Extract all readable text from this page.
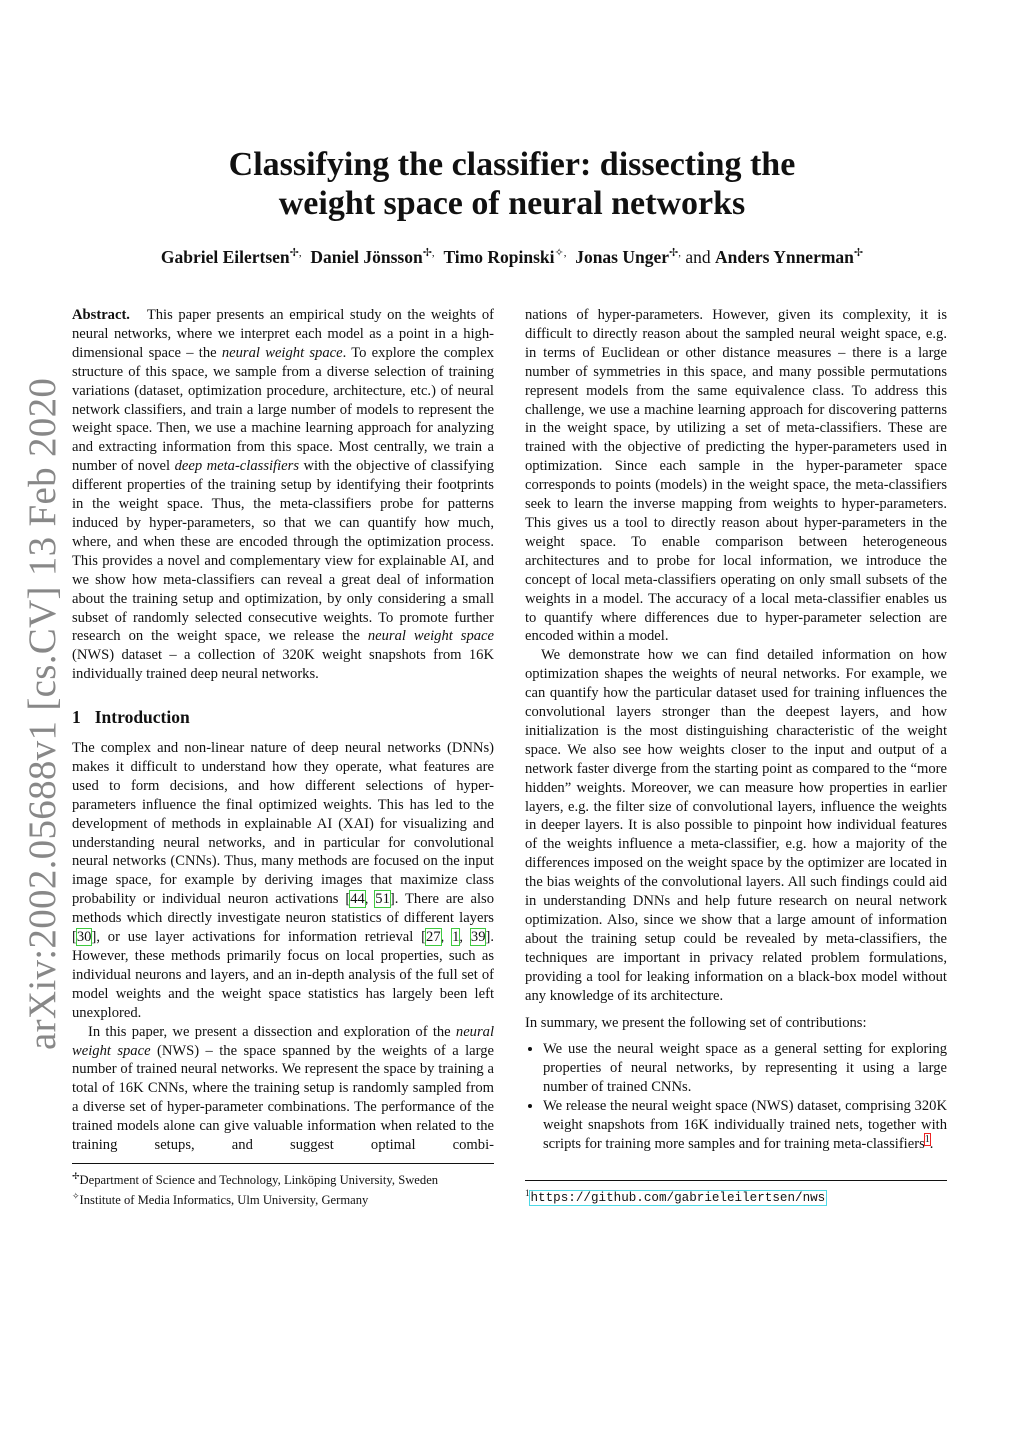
arXiv:2002.05688v1 [cs.CV] 13 Feb 2020
Classifying the classifier: dissecting the
weight space of neural networks
Gabriel Eilertsen✢, Daniel Jönsson✢, Timo Ropinski✧, Jonas Unger✢, and Anders Ynnerman✢

Abstract. This paper presents an empirical study on the weights of neural networks, where we interpret each model as a point in a high-dimensional space – the neural weight space. To explore the complex structure of this space, we sample from a diverse selection of training variations (dataset, optimization procedure, architecture, etc.) of neural network classifiers, and train a large number of models to represent the weight space. Then, we use a machine learning approach for analyzing and extracting information from this space. Most centrally, we train a number of novel deep meta-classifiers with the objective of classifying different properties of the training setup by identifying their footprints in the weight space. Thus, the meta-classifiers probe for patterns induced by hyper-parameters, so that we can quantify how much, where, and when these are encoded through the optimization process. This provides a novel and complementary view for explainable AI, and we show how meta-classifiers can reveal a great deal of information about the training setup and optimization, by only considering a small subset of randomly selected consecutive weights. To promote further research on the weight space, we release the neural weight space (NWS) dataset – a collection of 320K weight snapshots from 16K individually trained deep neural networks.

1 Introduction

The complex and non-linear nature of deep neural networks (DNNs) makes it difficult to understand how they operate, what features are used to form decisions, and how different selections of hyper-parameters influence the final optimized weights. This has led to the development of methods in explainable AI (XAI) for visualizing and understanding neural networks, and in particular for convolutional neural networks (CNNs). Thus, many methods are focused on the input image space, for example by deriving images that maximize class probability or individual neuron activations [44, 51]. There are also methods which directly investigate neuron statistics of different layers [30], or use layer activations for information retrieval [27, 1, 39]. However, these methods primarily focus on local properties, such as individual neurons and layers, and an in-depth analysis of the full set of model weights and the weight space statistics has largely been left unexplored.

In this paper, we present a dissection and exploration of the neural weight space (NWS) – the space spanned by the weights of a large number of trained neural networks. We represent the space by training a total of 16K CNNs, where the training setup is randomly sampled from a diverse set of hyper-parameter combinations. The performance of the trained models alone can give valuable information when related to the training setups, and suggest optimal combi-

nations of hyper-parameters. However, given its complexity, it is difficult to directly reason about the sampled neural weight space, e.g. in terms of Euclidean or other distance measures – there is a large number of symmetries in this space, and many possible permutations represent models from the same equivalence class. To address this challenge, we use a machine learning approach for discovering patterns in the weight space, by utilizing a set of meta-classifiers. These are trained with the objective of predicting the hyper-parameters used in optimization. Since each sample in the hyper-parameter space corresponds to points (models) in the weight space, the meta-classifiers seek to learn the inverse mapping from weights to hyper-parameters. This gives us a tool to directly reason about hyper-parameters in the weight space. To enable comparison between heterogeneous architectures and to probe for local information, we introduce the concept of local meta-classifiers operating on only small subsets of the weights in a model. The accuracy of a local meta-classifier enables us to quantify where differences due to hyper-parameter selection are encoded within a model.

We demonstrate how we can find detailed information on how optimization shapes the weights of neural networks. For example, we can quantify how the particular dataset used for training influences the convolutional layers stronger than the deepest layers, and how initialization is the most distinguishing characteristic of the weight space. We also see how weights closer to the input and output of a network faster diverge from the starting point as compared to the “more hidden” weights. Moreover, we can measure how properties in earlier layers, e.g. the filter size of convolutional layers, influence the weights in deeper layers. It is also possible to pinpoint how individual features of the weights influence a meta-classifier, e.g. how a majority of the differences imposed on the weight space by the optimizer are located in the bias weights of the convolutional layers. All such findings could aid in understanding DNNs and help future research on neural network optimization. Also, since we show that a large amount of information about the training setup could be revealed by meta-classifiers, the techniques are important in privacy related problem formulations, providing a tool for leaking information on a black-box model without any knowledge of its architecture.

In summary, we present the following set of contributions:

• We use the neural weight space as a general setting for exploring properties of neural networks, by representing it using a large number of trained CNNs.
• We release the neural weight space (NWS) dataset, comprising 320K weight snapshots from 16K individually trained nets, together with scripts for training more samples and for training meta-classifiers$^1$.
✢Department of Science and Technology, Linköping University, Sweden
✧Institute of Media Informatics, Ulm University, Germany
$^1$https://github.com/gabrieleilertsen/nws
